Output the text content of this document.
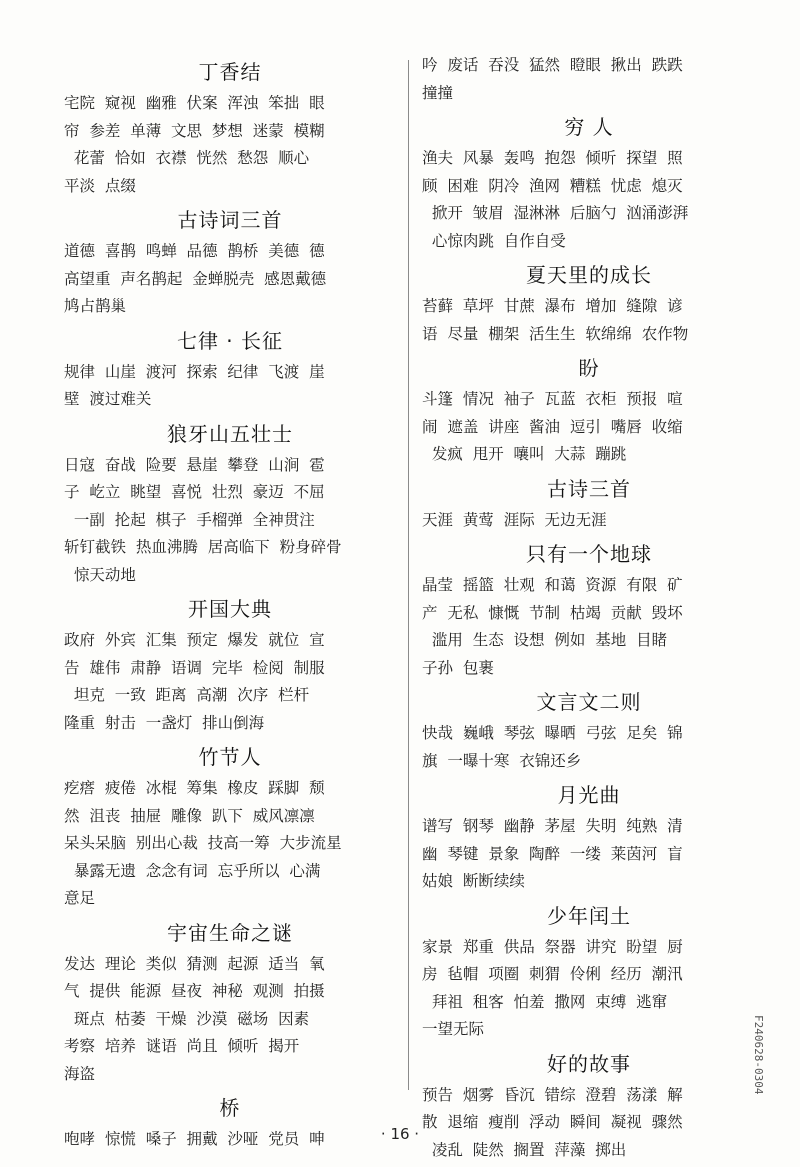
丁香结
宅院  窥视  幽雅  伏案  浑浊  笨拙  眼
帘  参差  单薄  文思  梦想  迷蒙  模糊
花蕾  恰如  衣襟  恍然  愁怨  顺心
平淡  点缀
古诗词三首
道德  喜鹊  鸣蝉  品德  鹊桥  美德  德
高望重  声名鹊起  金蝉脱壳  感恩戴德
鸠占鹊巢
七律 · 长征
规律  山崖  渡河  探索  纪律  飞渡  崖
壁  渡过难关
狼牙山五壮士
日寇  奋战  险要  悬崖  攀登  山涧  雹
子  屹立  眺望  喜悦  壮烈  豪迈  不屈
一副  抡起  棋子  手榴弹  全神贯注
斩钉截铁  热血沸腾  居高临下  粉身碎骨
惊天动地
开国大典
政府  外宾  汇集  预定  爆发  就位  宣
告  雄伟  肃静  语调  完毕  检阅  制服
坦克  一致  距离  高潮  次序  栏杆
隆重  射击  一盏灯  排山倒海
竹节人
疙瘩  疲倦  冰棍  筹集  橡皮  踩脚  颓
然  沮丧  抽屉  雕像  趴下  威风凛凛
呆头呆脑  别出心裁  技高一筹  大步流星
暴露无遗  念念有词  忘乎所以  心满
意足
宇宙生命之谜
发达  理论  类似  猜测  起源  适当  氧
气  提供  能源  昼夜  神秘  观测  拍摄
斑点  枯萎  干燥  沙漠  磁场  因素
考察  培养  谜语  尚且  倾听  揭开
海盗
桥
咆哮  惊慌  嗓子  拥戴  沙哑  党员  呻
吟  废话  吞没  猛然  瞪眼  揪出  跌跌
撞撞
穷 人
渔夫  风暴  轰鸣  抱怨  倾听  探望  照
顾  困难  阴冷  渔网  糟糕  忧虑  熄灭
掀开  皱眉  湿淋淋  后脑勺  汹涌澎湃
心惊肉跳  自作自受
夏天里的成长
苔藓  草坪  甘蔗  瀑布  增加  缝隙  谚
语  尽量  棚架  活生生  软绵绵  农作物
盼
斗篷  情况  袖子  瓦蓝  衣柜  预报  喧
闹  遮盖  讲座  酱油  逗引  嘴唇  收缩
发疯  甩开  嚷叫  大蒜  蹦跳
古诗三首
天涯  黄莺  涯际  无边无涯
只有一个地球
晶莹  摇篮  壮观  和蔼  资源  有限  矿
产  无私  慷慨  节制  枯竭  贡献  毁坏
滥用  生态  设想  例如  基地  目睹
子孙  包裹
文言文二则
快哉  巍峨  琴弦  曝晒  弓弦  足矣  锦
旗  一曝十寒  衣锦还乡
月光曲
谱写  钢琴  幽静  茅屋  失明  纯熟  清
幽  琴键  景象  陶醉  一缕  莱茵河  盲
姑娘  断断续续
少年闰土
家景  郑重  供品  祭器  讲究  盼望  厨
房  毡帽  项圈  刺猬  伶俐  经历  潮汛
拜祖  租客  怕羞  撒网  束缚  逃窜
一望无际
好的故事
预告  烟雾  昏沉  错综  澄碧  荡漾  解
散  退缩  瘦削  浮动  瞬间  凝视  骤然
凌乱  陡然  搁置  萍藻  掷出
· 16 ·
F240628-0304
